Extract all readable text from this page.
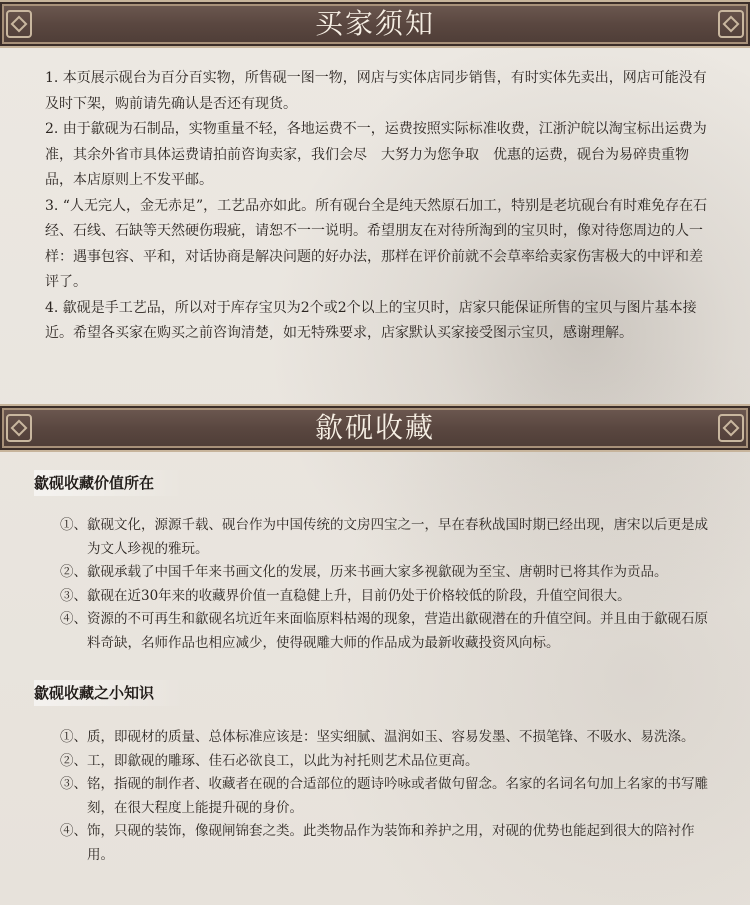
买家须知

1. 本页展示砚台为百分百实物，所售砚一图一物，网店与实体店同步销售，有时实体先卖出，网店可能没有及时下架，购前请先确认是否还有现货。

2. 由于歙砚为石制品，实物重量不轻，各地运费不一，运费按照实际标准收费，江浙沪皖以淘宝标出运费为准，其余外省市具体运费请拍前咨询卖家，我们会尽　大努力为您争取　优惠的运费，砚台为易碎贵重物品，本店原则上不发平邮。

3. “人无完人，金无赤足”，工艺品亦如此。所有砚台全是纯天然原石加工，特别是老坑砚台有时难免存在石经、石线、石缺等天然硬伤瑕疵，请恕不一一说明。希望朋友在对待所淘到的宝贝时，像对待您周边的人一样：遇事包容、平和，对话协商是解决问题的好办法，那样在评价前就不会草率给卖家伤害极大的中评和差评了。

4. 歙砚是手工艺品，所以对于库存宝贝为2个或2个以上的宝贝时，店家只能保证所售的宝贝与图片基本接近。希望各买家在购买之前咨询清楚，如无特殊要求，店家默认买家接受图示宝贝，感谢理解。

歙砚收藏
歙砚收藏价值所在

①、歙砚文化，源源千载、砚台作为中国传统的文房四宝之一，早在春秋战国时期已经出现，唐宋以后更是成为文人珍视的雅玩。

②、歙砚承载了中国千年来书画文化的发展，历来书画大家多视歙砚为至宝、唐朝时已将其作为贡品。

③、歙砚在近30年来的收藏界价值一直稳健上升，目前仍处于价格较低的阶段，升值空间很大。

④、资源的不可再生和歙砚名坑近年来面临原料枯竭的现象，营造出歙砚潜在的升值空间。并且由于歙砚石原料奇缺，名师作品也相应减少，使得砚雕大师的作品成为最新收藏投资风向标。

歙砚收藏之小知识

①、质，即砚材的质量、总体标准应该是：坚实细腻、温润如玉、容易发墨、不损笔锋、不吸水、易洗涤。

②、工，即歙砚的雕琢、佳石必欲良工，以此为衬托则艺术品位更高。

③、铭，指砚的制作者、收藏者在砚的合适部位的题诗吟咏或者做句留念。名家的名词名句加上名家的书写雕刻，在很大程度上能提升砚的身价。

④、饰，只砚的装饰，像砚闸锦套之类。此类物品作为装饰和养护之用，对砚的优势也能起到很大的陪衬作用。
